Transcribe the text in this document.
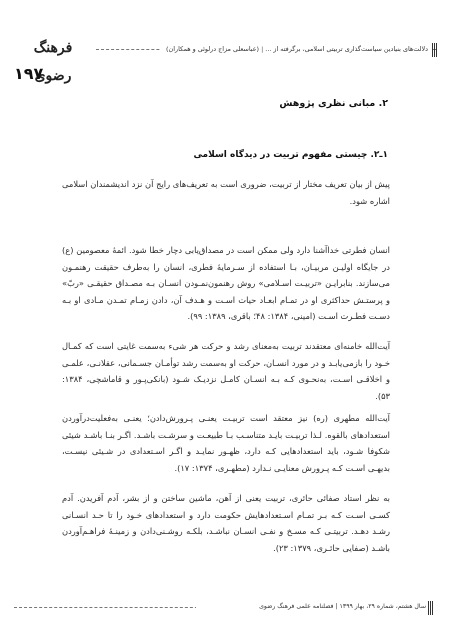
دلالت‌های بنیادین سیاست‌گذاری تربیتی اسلامی، برگرفته از ... | (عباسعلی ‌مزاج‌ درلوئی و همکاران)
فرهنگ رضوی
۱۹۷
۲. مبانی نظری پژوهش
۱ـ۲. چیستی مفهوم تربیت در دیدگاه اسلامی

پیش از بیان تعریف مختار از تربیت، ضروری است به تعریف‌های رایج آن نزد اندیشمندان اسلامی اشاره شود.

انسان فطرتی خداآشنا دارد ولی ممکن است در مصداق‌یابی دچار خطا شود. ائمهٔ معصومین (ع) در جایگاه اولیـن مربیـان، بـا استفاده از سـرمایهٔ فطری، انسان را به‌طرف حقیقت رهنمـون می‌سازند. بنابرایـن «تربیـت اسـلامی» روش رهنمون‌نمـودن انسـان بـه مصـداق حقیقـی «ربّ» و پرستـش حداکثری او در تمـام ابعـاد حیات اسـت و هـدف آن، دادن زمـام تمـدن مـادی او بـه دسـت فطـرت اسـت (امینی، ۱۳۸۴: ۴۸؛ باقری، ۱۳۸۹: ۹۹).

آیت‌الله خامنه‌ای معتقدند تربیت به‌معنای رشد و حرکت هر شیء به‌سمت غایتی است که کمـال خـود را بازمی‌یابـد و در مورد انسـان، حرکت او به‌سمت رشد توأمـان جسـمانی، عقلانـی، علمـی و اخلاقـی اسـت، به‌نحـوی کـه بـه انسـان کامـل نزدیـک شـود (بانکی‌پـور و قاماشچی، ۱۳۸۴: ۵۳).

آیت‌الله مطهری (ره) نیز معتقد است تربیـت یعنـی پـرورش‌دادن؛ یعنـی به‌فعلیت‌درآوردن استعدادهای بالقوه. لـذا تربیـت بایـد متناسـب بـا طبیعـت و سرشـت باشـد. اگـر بنـا باشـد شیئی شکوفا شـود، باید استعدادهایی کـه دارد، ظهـور نمایـد و اگـر اسـتعدادی در شـیئی نیسـت، بدیهـی اسـت کـه پـرورش معنایـی نـدارد (مطهـری، ۱۳۷۴: ۱۷).

به نظر استاد صفائی حائری، تربیت یعنی از آهن، ماشین ساختن و از بشر، آدم آفریدن. آدم کسـی اسـت کـه بـر تمـام اسـتعدادهایش حکومت دارد و استعدادهای خـود را تا حـد انسـانی رشـد دهـد. تربیتـی کـه مسـخ و نفـی انسـان نباشـد، بلکـه روشـنی‌دادن و زمینـهٔ فراهـم‌آوردن باشـد (صفایی حائـری، ۱۳۷۹: ۲۳).

سال هشتم، شماره ۲۹، بهار ۱۳۹۹ | فصلنامه علمی فرهنگ رضوی
